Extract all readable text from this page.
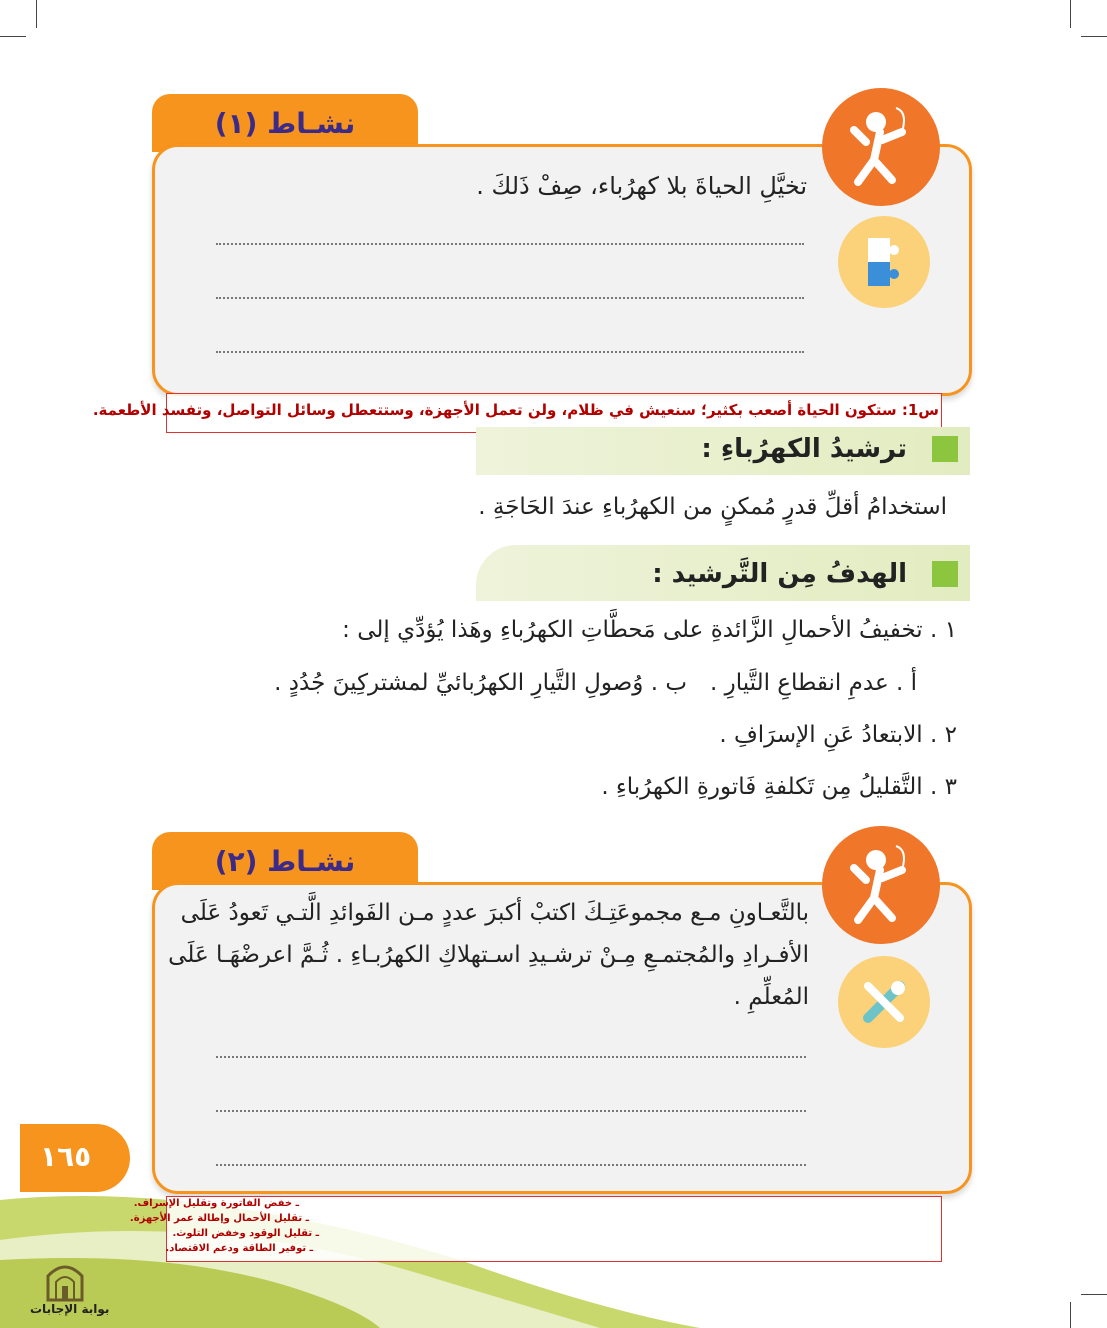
نشـاط (١)
تخيَّلِ الحياةَ بلا كهرُباء، صِفْ ذَلكَ .
س1: ستكون الحياة أصعب بكثير؛ سنعيش في ظلام، ولن تعمل الأجهزة، وستتعطل وسائل التواصل، وتفسد الأطعمة.
ترشيدُ الكهرُباءِ :
استخدامُ أقلِّ قدرٍ مُمكنٍ من الكهرُباءِ عندَ الحَاجَةِ .
الهدفُ مِن التَّرشيد :
١ . تخفيفُ الأحمالِ الزَّائدةِ على مَحطَّاتِ الكهرُباءِ وهَذا يُؤدِّي إلى :
أ . عدمِ انقطاعِ التَّيارِ .
ب . وُصولِ التَّيارِ الكهرُبائيِّ لمشتركِينَ جُدُدٍ .
٢ . الابتعادُ عَنِ الإسرَافِ .
٣ . التَّقليلُ مِن تَكلفةِ فَاتورةِ الكهرُباءِ .
نشـاط (٢)
بالتَّعـاونِ مـع مجموعَتِـكَ اكتبْ أكبرَ عددٍ مـن الفَوائدِ الَّتـي تَعودُ عَلَى
الأفـرادِ والمُجتمـعِ مِـنْ ترشـيدِ اسـتهلاكِ الكهرُبـاءِ . ثُـمَّ اعرضْهَـا عَلَى
المُعلِّمِ .
١٦٥
ـ خفض الفاتورة وتقليل الإسراف.
ـ تقليل الأحمال وإطالة عمر الأجهزة.
ـ تقليل الوقود وخفض التلوث.
ـ توفير الطاقة ودعم الاقتصاد.
بوابة الإجابات
